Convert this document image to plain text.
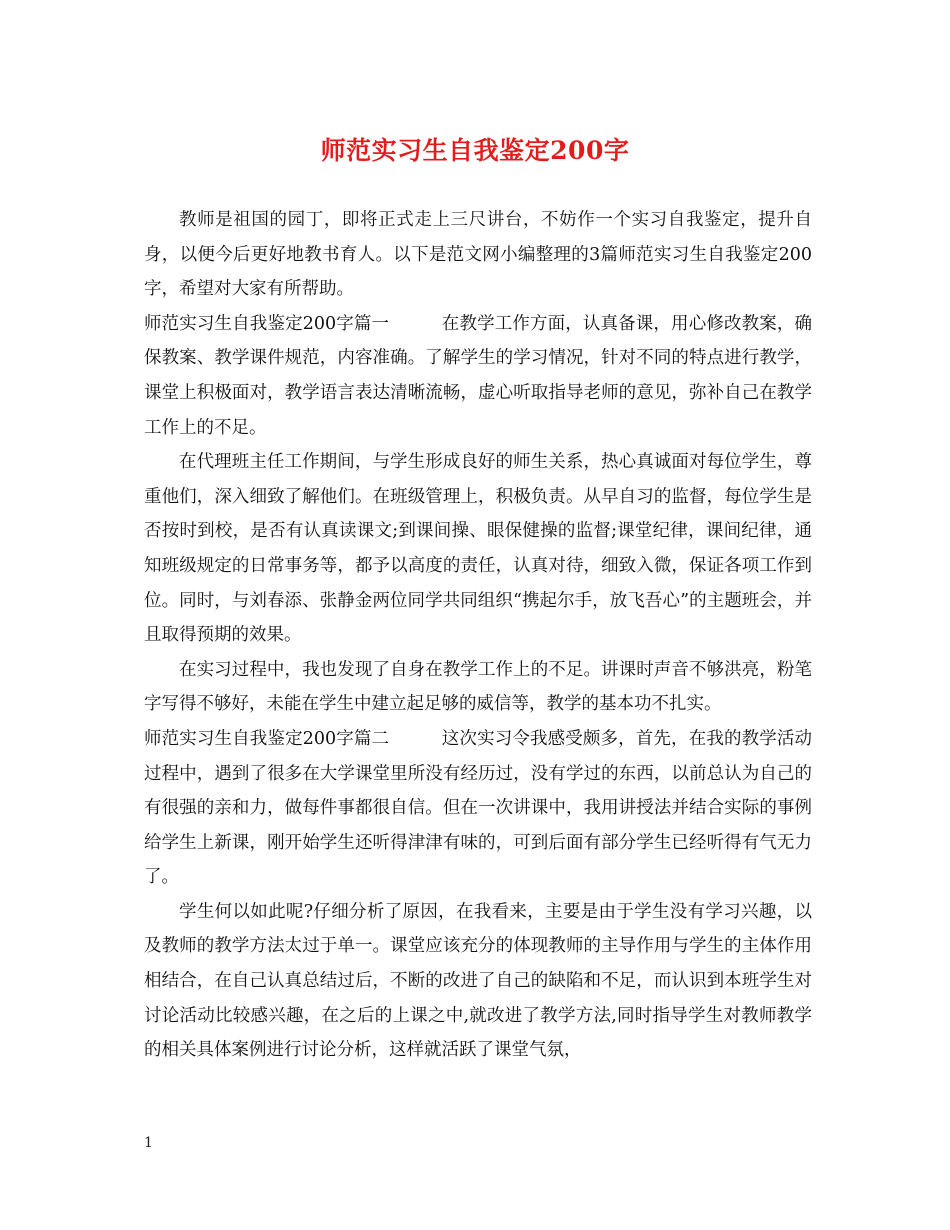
师范实习生自我鉴定200字

教师是祖国的园丁，即将正式走上三尺讲台，不妨作一个实习自我鉴定，提升自身，以便今后更好地教书育人。以下是范文网小编整理的3篇师范实习生自我鉴定200字，希望对大家有所帮助。

师范实习生自我鉴定200字篇一	在教学工作方面，认真备课，用心修改教案，确保教案、教学课件规范，内容准确。了解学生的学习情况，针对不同的特点进行教学，课堂上积极面对，教学语言表达清晰流畅，虚心听取指导老师的意见，弥补自己在教学工作上的不足。

在代理班主任工作期间，与学生形成良好的师生关系，热心真诚面对每位学生，尊重他们，深入细致了解他们。在班级管理上，积极负责。从早自习的监督，每位学生是否按时到校，是否有认真读课文;到课间操、眼保健操的监督;课堂纪律，课间纪律，通知班级规定的日常事务等，都予以高度的责任，认真对待，细致入微，保证各项工作到位。同时，与刘春添、张静金两位同学共同组织“携起尔手，放飞吾心”的主题班会，并且取得预期的效果。

在实习过程中，我也发现了自身在教学工作上的不足。讲课时声音不够洪亮，粉笔字写得不够好，未能在学生中建立起足够的威信等，教学的基本功不扎实。

师范实习生自我鉴定200字篇二	这次实习令我感受颇多，首先，在我的教学活动过程中，遇到了很多在大学课堂里所没有经历过，没有学过的东西，以前总认为自己的有很强的亲和力，做每件事都很自信。但在一次讲课中，我用讲授法并结合实际的事例给学生上新课，刚开始学生还听得津津有味的，可到后面有部分学生已经听得有气无力了。

学生何以如此呢?仔细分析了原因，在我看来，主要是由于学生没有学习兴趣，以及教师的教学方法太过于单一。课堂应该充分的体现教师的主导作用与学生的主体作用相结合，在自己认真总结过后，不断的改进了自己的缺陷和不足，而认识到本班学生对讨论活动比较感兴趣，在之后的上课之中,就改进了教学方法,同时指导学生对教师教学的相关具体案例进行讨论分析，这样就活跃了课堂气氛，

1
